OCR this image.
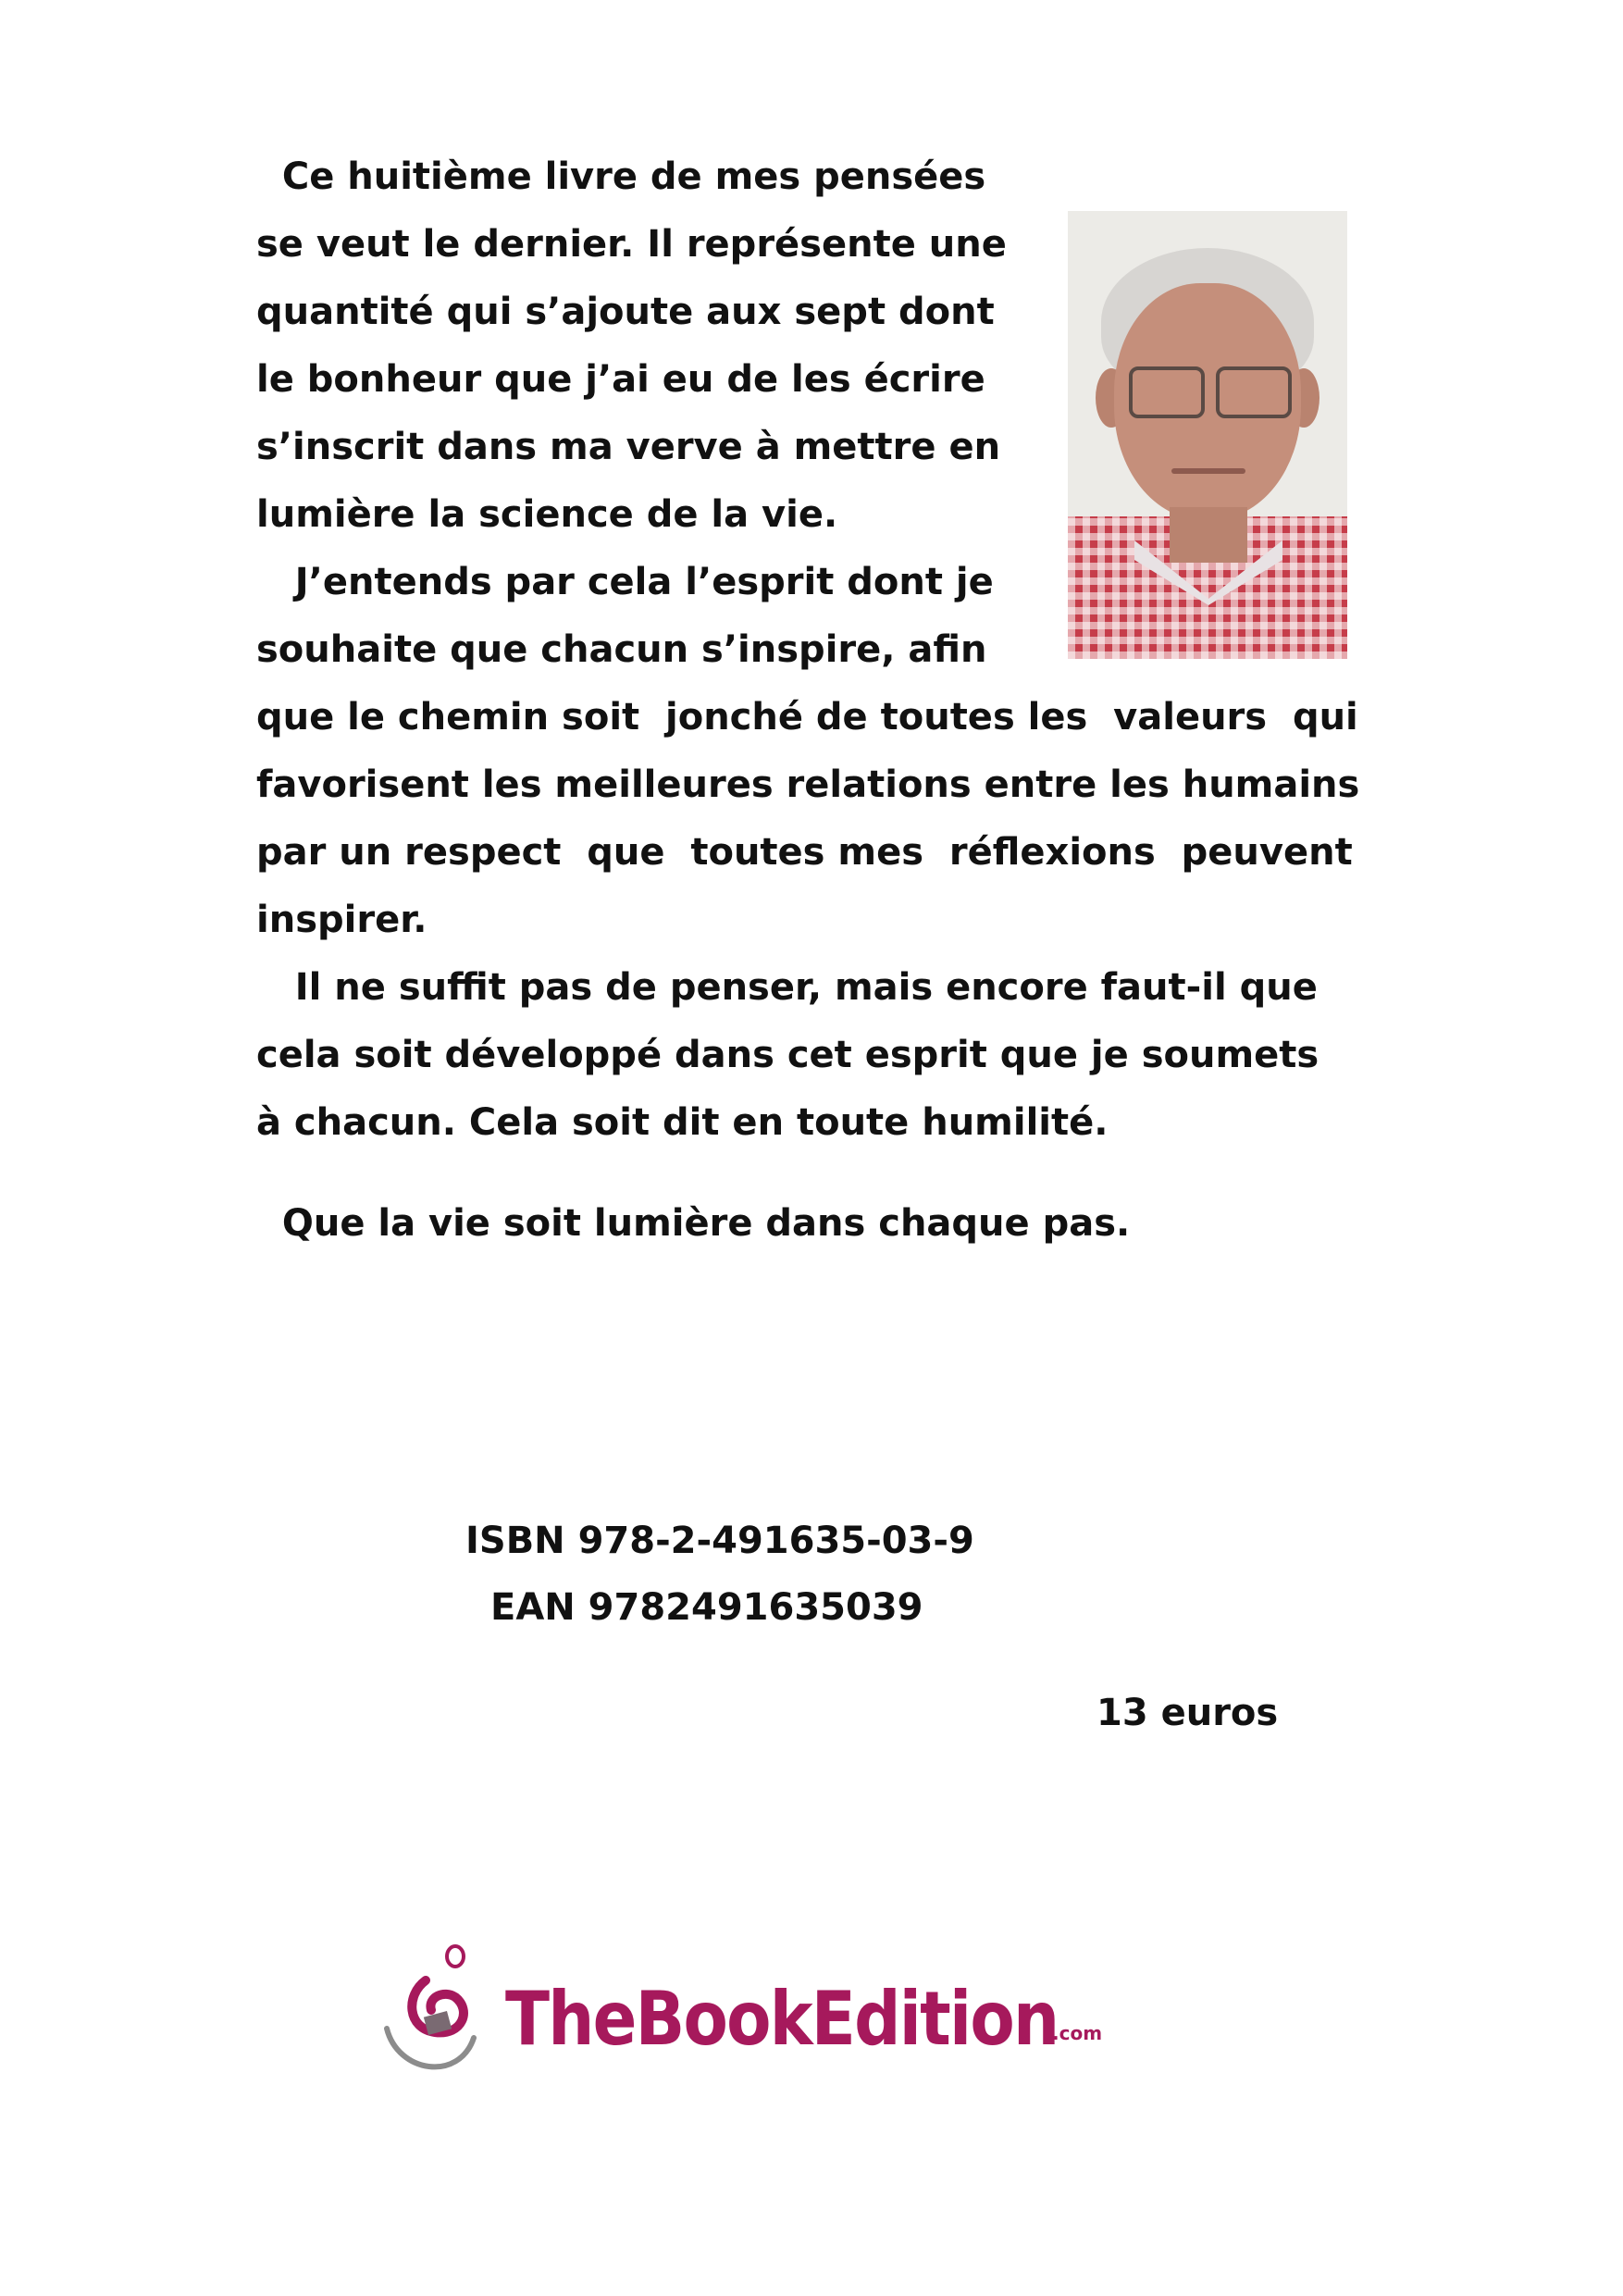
Ce huitième livre de mes pensées
se veut le dernier. Il représente une
quantité qui s’ajoute aux sept dont
le bonheur que j’ai eu de les écrire
s’inscrit dans ma verve à mettre en
lumière la science de la vie.
J’entends par cela l’esprit dont je
souhaite que chacun s’inspire, afin
que le chemin soit  jonché de toutes les  valeurs  qui
favorisent les meilleures relations entre les humains
par un respect  que  toutes mes  réflexions  peuvent
inspirer.
Il ne suffit pas de penser, mais encore faut-il que
cela soit développé dans cet esprit que je soumets
à chacun. Cela soit dit en toute humilité.
Que la vie soit lumière dans chaque pas.
ISBN 978-2-491635-03-9
EAN 9782491635039
13 euros
TheBookEdition
.com
